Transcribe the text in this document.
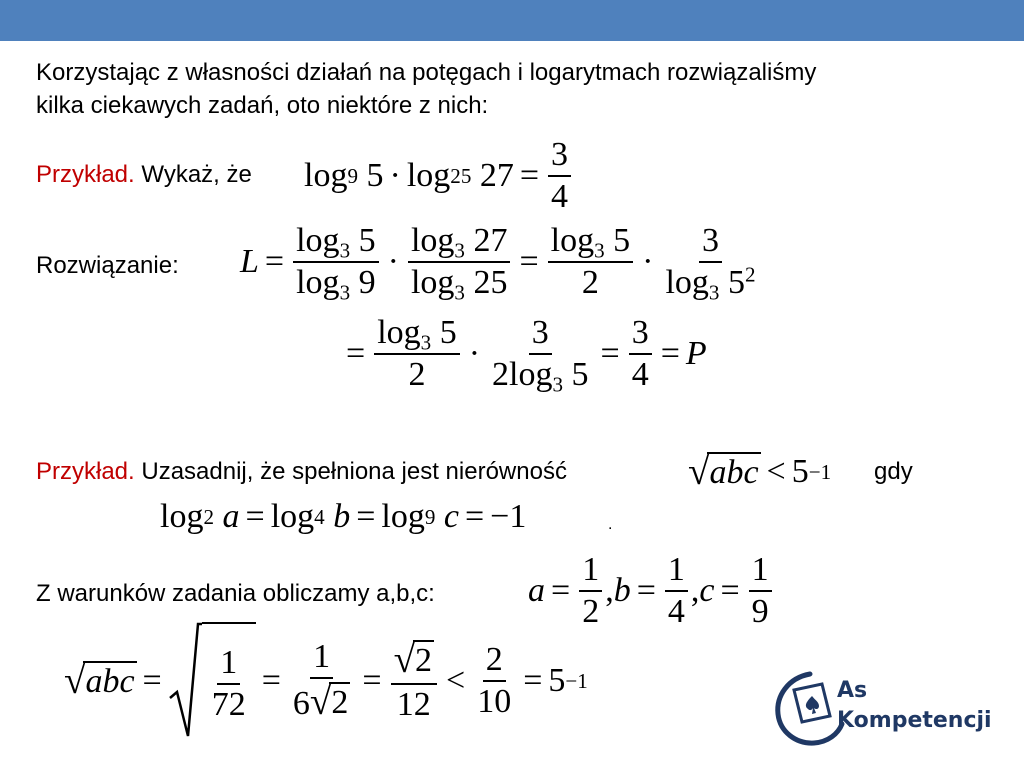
Korzystając z własności działań na potęgach i logarytmach rozwiązaliśmy
kilka ciekawych zadań, oto niektóre z nich:
Przykład. Wykaż, że log 9
5 · log 25
$27 = \frac{3}{4}$
Rozwiązanie: $L = \frac{\log_3 5}{\log_3 9} \cdot \frac{\log_3 27}{\log_3 25} = \frac{\log_3 5}{2} \cdot \frac{3}{\log_3 5^2}$
= $\frac{\log_3 5}{2} \cdot \frac{3}{2\log_3 5} = \frac{3}{4} = P$
Przykład. Uzasadnij, że spełniona jest nierówność	√ abc < 5 −1 gdy
log 2
a = log 4
b = log 9
c = −1	.
Z warunków zadania obliczamy a,b,c:	$a = \frac{1}{2}$ , $b = \frac{1}{4}$ , $c = \frac{1}{9}$
√ abc = $\frac{1}{72} = \frac{1}{6 √ 2} = \frac{√ 2}{12} < \frac{2}{10} = 5 -1$	As
Kompetencji
